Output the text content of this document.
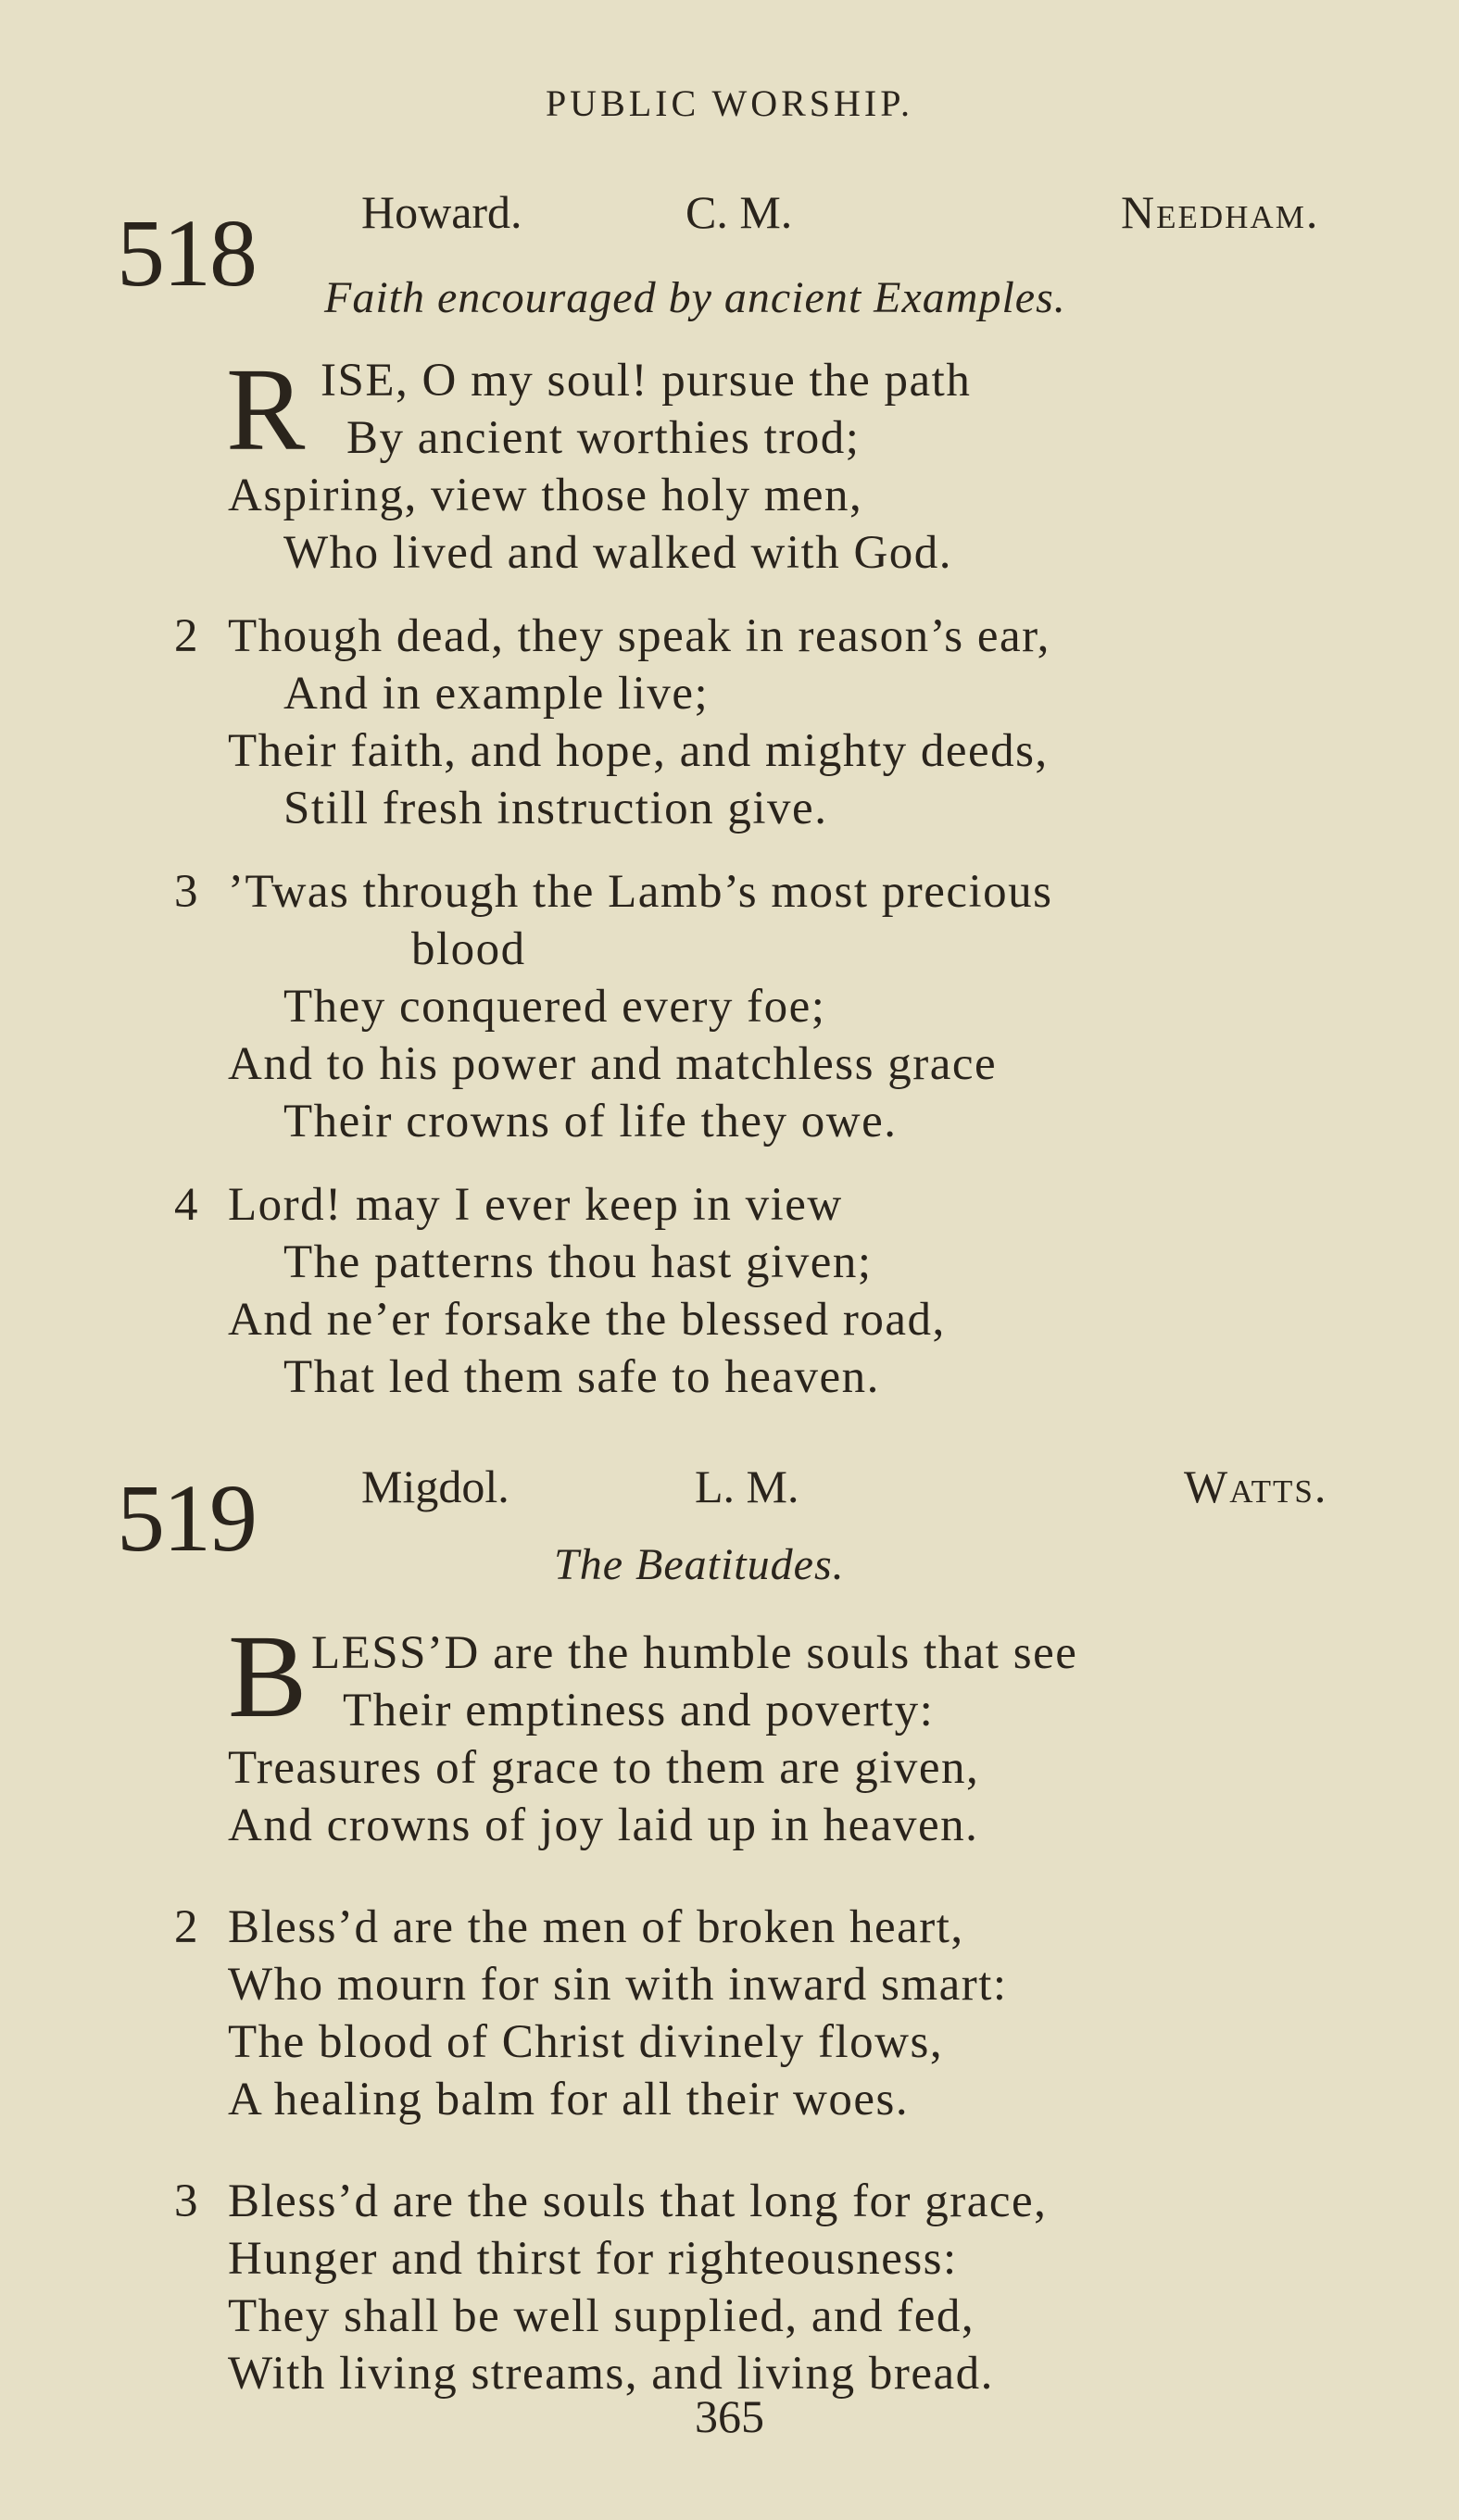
PUBLIC WORSHIP.
518 Howard.	C. M.	Needham.
Faith encouraged by ancient Examples.
R ISE, O my soul! pursue the path
By ancient worthies trod;
Aspiring, view those holy men,
Who lived and walked with God.
2 Though dead, they speak in reason’s ear,
And in example live;
Their faith, and hope, and mighty deeds,
Still fresh instruction give.
3 ’Twas through the Lamb’s most precious
blood
They conquered every foe;
And to his power and matchless grace
Their crowns of life they owe.
4 Lord! may I ever keep in view
The patterns thou hast given;
And ne’er forsake the blessed road,
That led them safe to heaven.
519 Migdol.	L. M.	Watts.
The Beatitudes.
B LESS’D are the humble souls that see
Their emptiness and poverty:
Treasures of grace to them are given,
And crowns of joy laid up in heaven.
2 Bless’d are the men of broken heart,
Who mourn for sin with inward smart:
The blood of Christ divinely flows,
A healing balm for all their woes.
3 Bless’d are the souls that long for grace,
Hunger and thirst for righteousness:
They shall be well supplied, and fed,
With living streams, and living bread.
365
